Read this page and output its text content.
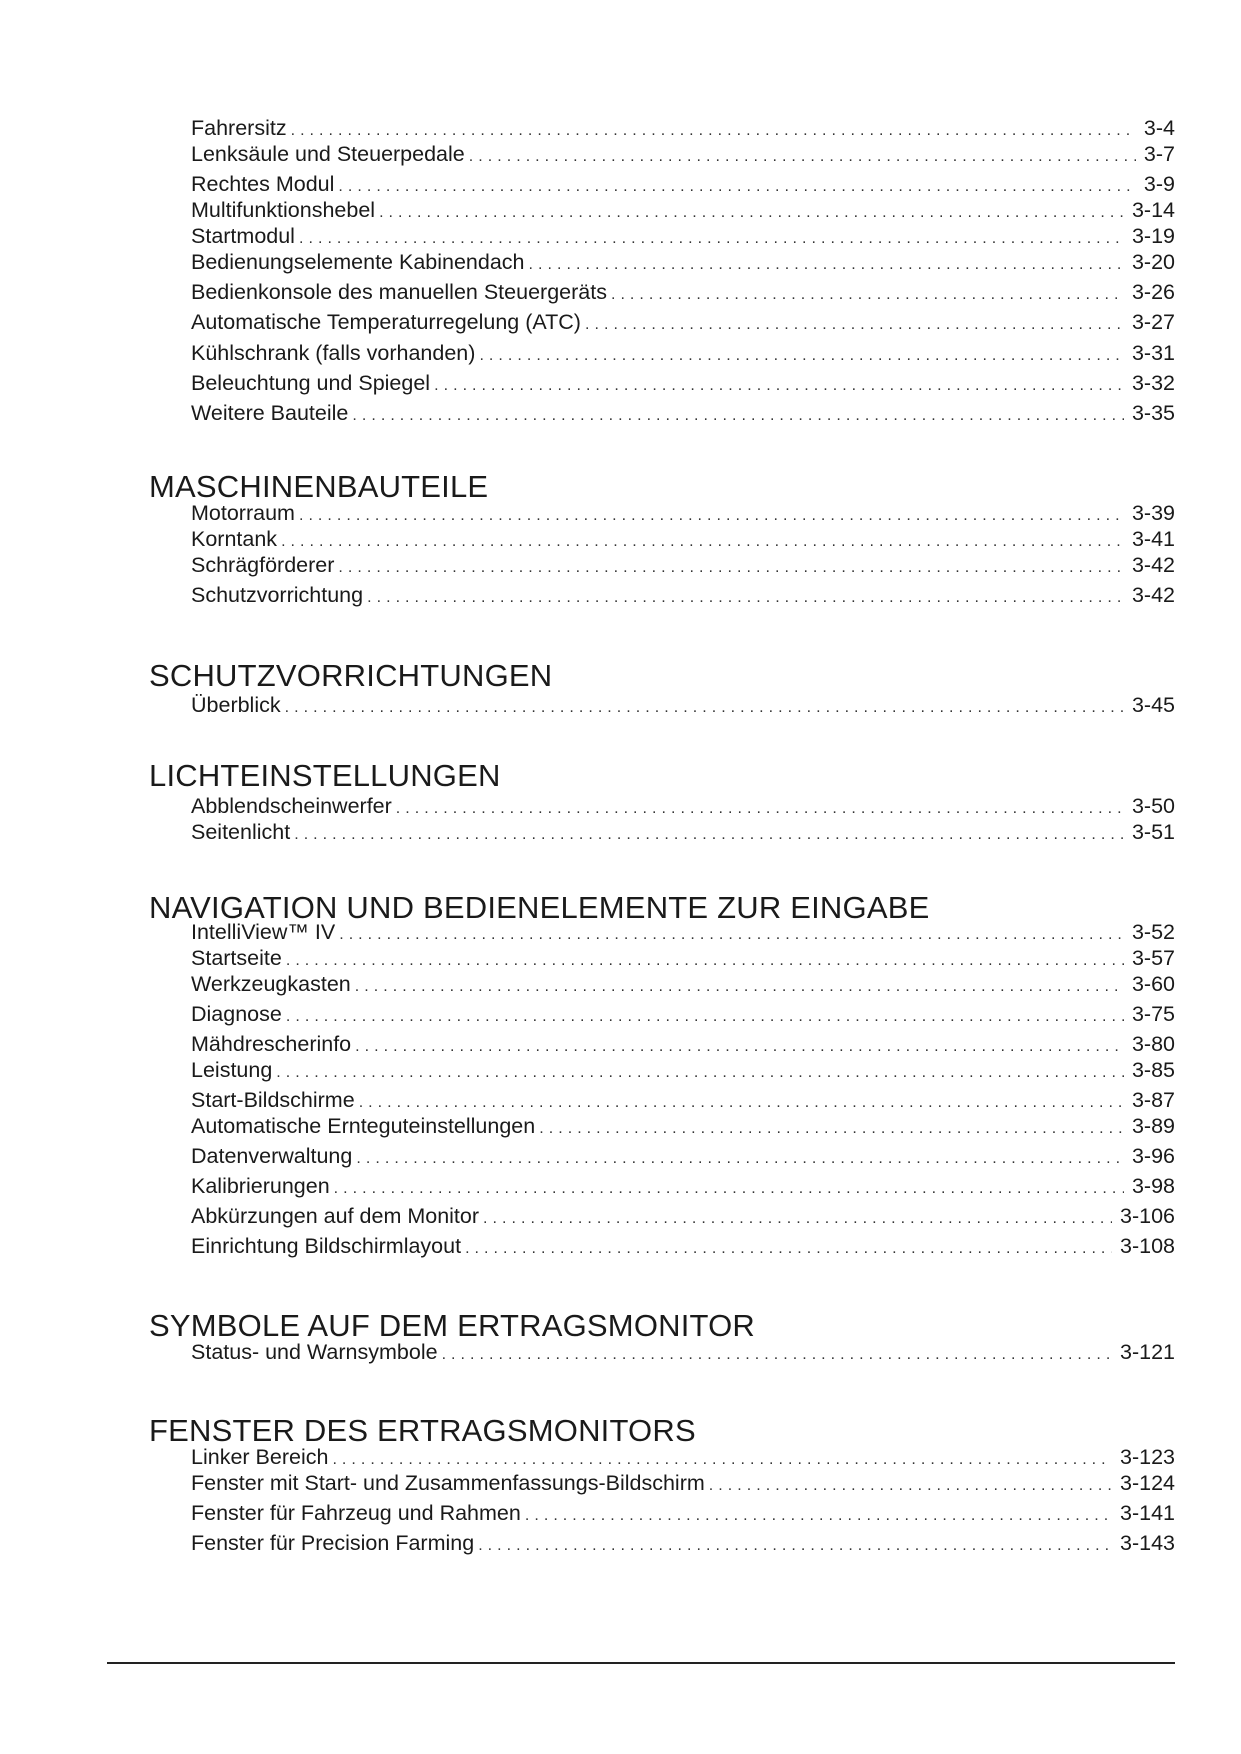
Fahrersitz . . .	3-4
Lenksäule und Steuerpedale . . .	3-7
Rechtes Modul . . .	3-9
Multifunktionshebel . . .	3-14
Startmodul . . .	3-19
Bedienungselemente Kabinendach . . .	3-20
Bedienkonsole des manuellen Steuergeräts . . .	3-26
Automatische Temperaturregelung (ATC) . . .	3-27
Kühlschrank (falls vorhanden) . . .	3-31
Beleuchtung und Spiegel . . .	3-32
Weitere Bauteile . . .	3-35
MASCHINENBAUTEILE
Motorraum . . .	3-39
Korntank . . .	3-41
Schrägförderer . . .	3-42
Schutzvorrichtung . . .	3-42
SCHUTZVORRICHTUNGEN
Überblick . . .	3-45
LICHTEINSTELLUNGEN
Abblendscheinwerfer . . .	3-50
Seitenlicht . . .	3-51
NAVIGATION UND BEDIENELEMENTE ZUR EINGABE
IntelliView™ IV . . .	3-52
Startseite . . .	3-57
Werkzeugkasten . . .	3-60
Diagnose . . .	3-75
Mähdrescherinfo . . .	3-80
Leistung . . .	3-85
Start-Bildschirme . . .	3-87
Automatische Ernteguteinstellungen . . .	3-89
Datenverwaltung . . .	3-96
Kalibrierungen . . .	3-98
Abkürzungen auf dem Monitor . . .	3-106
Einrichtung Bildschirmlayout . . .	3-108
SYMBOLE AUF DEM ERTRAGSMONITOR
Status- und Warnsymbole . . .	3-121
FENSTER DES ERTRAGSMONITORS
Linker Bereich . . .	3-123
Fenster mit Start- und Zusammenfassungs-Bildschirm . . .	3-124
Fenster für Fahrzeug und Rahmen . . .	3-141
Fenster für Precision Farming . . .	3-143
